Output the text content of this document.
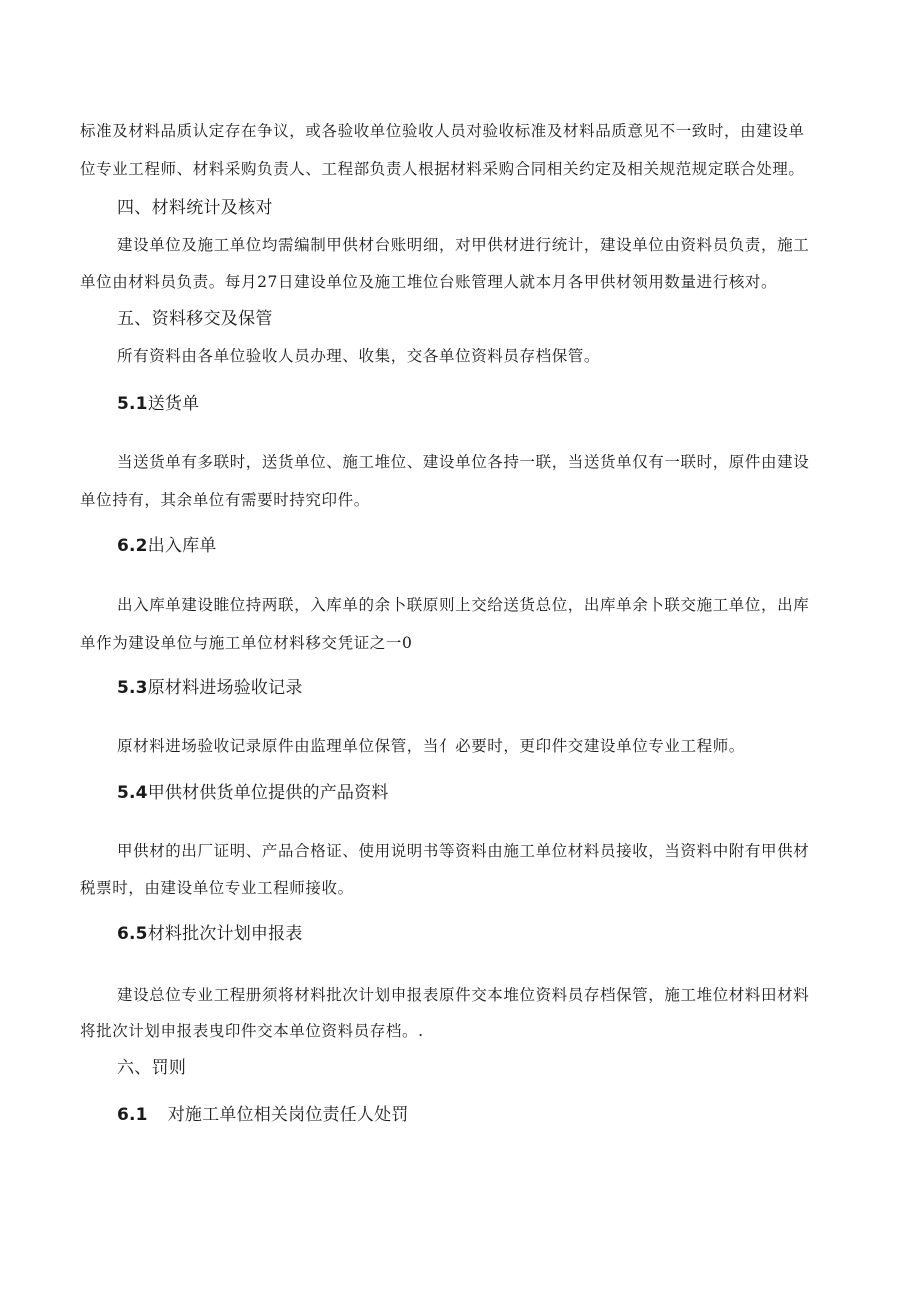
标准及材料品质认定存在争议，或各验收单位验收人员对验收标准及材料品质意见不一致时，由建设单
位专业工程师、材料采购负责人、工程部负责人根据材料采购合同相关约定及相关规范规定联合处理。
四、材料统计及核对
建设单位及施工单位均需编制甲供材台账明细，对甲供材进行统计，建设单位由资料员负责，施工
单位由材料员负责。每月27日建设单位及施工堆位台账管理人就本月各甲供材领用数量进行核对。
五、资料移交及保管
所有资料由各单位验收人员办理、收集，交各单位资料员存档保管。
5.1送货单
当送货单有多联时，送货单位、施工堆位、建设单位各持一联，当送货单仅有一联时，原件由建设
单位持有，其余单位有需要时持究印件。
6.2出入库单
出入库单建设睢位持两联，入库单的余卜联原则上交给送货总位，出库单余卜联交施工单位，出库
单作为建设单位与施工单位材料移交凭证之一0
5.3原材料进场验收记录
原材料进场验收记录原件由监理单位保管，当亻必要时，更印件交建设单位专业工程师。
5.4甲供材供货单位提供的产品资料
甲供材的出厂证明、产品合格证、使用说明书等资料由施工单位材料员接收，当资料中附有甲供材
税票时，由建设单位专业工程师接收。
6.5材料批次计划申报表
建设总位专业工程册须将材料批次计划申报表原件交本堆位资料员存档保管，施工堆位材料田材料
将批次计划申报表曳印件交本单位资料员存档。.
六、罚则
6.1 对施工单位相关岗位责任人处罚
